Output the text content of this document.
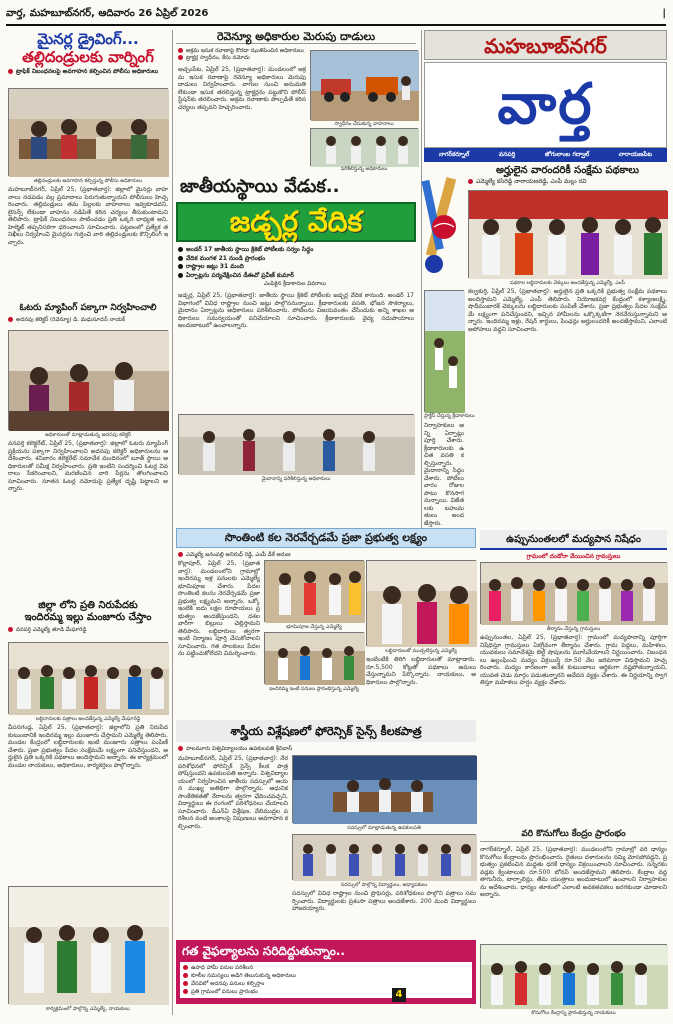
వార్త, మహబూబ్‌నగర్, ఆదివారం 26 ఏప్రిల్ 2026	|
మైనర్ల డ్రైవింగ్...
తల్లిదండ్రులకు వార్నింగ్
ట్రాఫిక్ నిబంధనలపై అవగాహన కల్పించిన పోలీసు అధికారులు
తల్లిదండ్రులకు అవగాహన కల్పిస్తున్న పోలీసు అధికారులు
మహబూబ్‌నగర్, ఏప్రిల్ 25, (ప్రభాతవార్త): జిల్లాలో మైనర్లు వాహనాలు నడపడం వల్ల ప్రమాదాలు పెరుగుతున్నాయని పోలీసులు హెచ్చరించారు. తల్లిదండ్రులు తమ పిల్లలకు వాహనాలు ఇవ్వకూడదని, లైసెన్స్ లేకుండా వాహనం నడిపితే కఠిన చర్యలు తీసుకుంటామని తెలిపారు. ట్రాఫిక్ నిబంధనలు పాటించడం ప్రతి ఒక్కరి బాధ్యత అని, హెల్మెట్ తప్పనిసరిగా ధరించాలని సూచించారు. పట్టణంలో ప్రత్యేక తనిఖీలు నిర్వహించి మైనర్లను గుర్తించి వారి తల్లిదండ్రులకు కౌన్సిలింగ్ ఇచ్చారు.
ఓటరు మ్యాపింగ్ పక్కాగా నిర్వహించాలి
అదనపు కలెక్టర్ (రెవెన్యూ) డి. మధుసూదన్ నాయక్
అధికారులతో మాట్లాడుతున్న అదనపు కలెక్టర్
వనపర్తి కలెక్టరేట్, ఏప్రిల్ 25, (ప్రభాతవార్త): జిల్లాలో ఓటరు మ్యాపింగ్ ప్రక్రియను పక్కాగా నిర్వహించాలని అదనపు కలెక్టర్ అధికారులను ఆదేశించారు. శనివారం కలెక్టరేట్ సమావేశ మందిరంలో బూత్ స్థాయి అధికారులతో సమీక్ష నిర్వహించారు. ప్రతి ఇంటిని సందర్శించి ఓటర్ల వివరాలు సేకరించాలని, మరణించిన వారి పేర్లను తొలగించాలని సూచించారు. నూతన ఓటర్ల నమోదుపై ప్రత్యేక దృష్టి పెట్టాలని అన్నారు.
జిల్లా లోని ప్రతి నిరుపేదకు
ఇందిరమ్మ ఇల్లు మంజూరు చేస్తాం
వనపర్తి ఎమ్మెల్యే తూడి మేఘారెడ్డి
లబ్ధిదారులకు పత్రాలు అందజేస్తున్న ఎమ్మెల్యే మేఘారెడ్డి
వీపనగండ్ల, ఏప్రిల్ 25, (ప్రభాతవార్త): జిల్లాలోని ప్రతి నిరుపేద కుటుంబానికి ఇందిరమ్మ ఇల్లు మంజూరు చేస్తామని ఎమ్మెల్యే తెలిపారు. మండల కేంద్రంలో లబ్ధిదారులకు ఇంటి మంజూరు పత్రాలు పంపిణీ చేశారు. ప్రజా ప్రభుత్వం పేదల సంక్షేమమే లక్ష్యంగా పనిచేస్తుందని, అర్హులైన ప్రతి ఒక్కరికి పథకాలు అందిస్తామని అన్నారు. ఈ కార్యక్రమంలో మండల నాయకులు, అధికారులు, కార్యకర్తలు పాల్గొన్నారు.
కార్యక్రమంలో పాల్గొన్న ఎమ్మెల్యే, నాయకులు
రెవెన్యూ అధికారుల మెరుపు దాడులు
అక్రమ ఇసుక రవాణాపై కొరడా ఝుళిపించిన అధికారులు
ట్రాక్టర్ల స్వాధీనం, కేసు నమోదు
అచ్చంపేట, ఏప్రిల్ 25, (ప్రభాతవార్త): మండలంలో అక్రమ ఇసుక రవాణాపై రెవెన్యూ అధికారులు మెరుపు దాడులు నిర్వహించారు. వాగుల నుంచి అనుమతి లేకుండా ఇసుక తరలిస్తున్న ట్రాక్టర్లను పట్టుకొని పోలీస్ స్టేషన్‌కు తరలించారు. అక్రమ రవాణాకు పాల్పడితే కఠిన చర్యలు తప్పవని హెచ్చరించారు.
స్వాధీనం చేసుకున్న వాహనాలు
పరిశీలిస్తున్న అధికారులు
జాతీయస్థాయి వేడుక..
జడ్చర్ల వేదిక
అండర్ 17 జాతీయ స్థాయి క్రికెట్ పోటీలకు సర్వం సిద్ధం
వేదిక మంగళ 21 నుండి ప్రారంభం
రాష్ట్రాల జట్లు 31 మంది
ఏర్పాట్లను పర్యవేక్షించిన డీఈవో ప్రవీణ్ కుమార్
ఎంపికైన క్రీడాకారుల వివరాలు
జడ్చర్ల, ఏప్రిల్ 25, (ప్రభాతవార్త): జాతీయ స్థాయి క్రికెట్ పోటీలకు జడ్చర్ల వేదిక కానుంది. అండర్ 17 విభాగంలో వివిధ రాష్ట్రాల నుంచి జట్లు పాల్గొననున్నాయి. క్రీడాకారులకు వసతి, భోజన సౌకర్యాలు, మైదానం ఏర్పాట్లను అధికారులు పరిశీలించారు. పోటీలను విజయవంతం చేసేందుకు అన్ని శాఖల అధికారులు సమన్వయంతో పనిచేయాలని సూచించారు. క్రీడాకారులకు వైద్య సదుపాయాలు అందుబాటులో ఉంచాలన్నారు.
మైదానాన్ని పరిశీలిస్తున్న అధికారులు
మహబూబ్‌నగర్
వార్త
నాగర్‌కర్నూల్	వనపర్తి	జోగులాంబ గద్వాల్	నారాయణపేట
అర్హులైన వారందరికీ సంక్షేమ పథకాలు
ఎమ్మెల్యే కసిరెడ్డి నారాయణరెడ్డి, ఎంపీ మల్లు రవి
పథకాల లబ్ధిదారులకు చెక్కులు అందజేస్తున్న ఎమ్మెల్యే, ఎంపీ
కల్వకుర్తి, ఏప్రిల్ 25, (ప్రభాతవార్త): అర్హులైన ప్రతి ఒక్కరికి ప్రభుత్వ సంక్షేమ పథకాలు అందిస్తామని ఎమ్మెల్యే, ఎంపీ తెలిపారు. నియోజకవర్గ కేంద్రంలో కళ్యాణలక్ష్మి, షాదీముబారక్ చెక్కులను లబ్ధిదారులకు పంపిణీ చేశారు. ప్రజా ప్రభుత్వం పేదల సంక్షేమమే లక్ష్యంగా పనిచేస్తుందని, ఇచ్చిన హామీలను ఒక్కొక్కటిగా నెరవేరుస్తున్నామని అన్నారు. ఇందిరమ్మ ఇళ్లు, రేషన్ కార్డులు, పింఛన్లు అర్హులందరికీ అందజేస్తామని, ఎలాంటి అపోహలు వద్దని సూచించారు.
ప్రాక్టీస్ చేస్తున్న క్రీడాకారులు
నిర్వాహకులు అన్ని ఏర్పాట్లు పూర్తి చేశారు. క్రీడాకారులకు ఉచిత వసతి కల్పిస్తున్నారు. మైదానాన్ని సిద్ధం చేశారు. పోటీలు వారం రోజుల పాటు కొనసాగనున్నాయి. విజేతలకు బహుమతులు అందజేస్తారు.
సొంతింటి కల నెరవేర్చడమే ప్రజా ప్రభుత్వ లక్ష్యం
ఎమ్మెల్యే జనంపల్లి అనిరుధ్ రెడ్డి, ఎంపీ డీకే అరుణ
కొల్లాపూర్, ఏప్రిల్ 25, (ప్రభాతవార్త): మండలంలోని గ్రామాల్లో ఇందిరమ్మ ఇళ్ల పనులకు ఎమ్మెల్యే భూమిపూజ చేశారు. పేదల సొంతింటి కలను నెరవేర్చడమే ప్రజా ప్రభుత్వ లక్ష్యమని అన్నారు. ఒక్కో ఇంటికి ఐదు లక్షల రూపాయలు ప్రభుత్వం అందజేస్తుందని, దశల వారీగా బిల్లులు చెల్లిస్తామని తెలిపారు. లబ్ధిదారులు త్వరగా ఇంటి నిర్మాణం పూర్తి చేసుకోవాలని సూచించారు. గత పాలకులు పేదలను పట్టించుకోలేదని విమర్శించారు.
భూమిపూజ చేస్తున్న ఎమ్మెల్యే
లబ్ధిదారులతో ముచ్చటిస్తున్న ఎమ్మెల్యే
ఇందిరమ్మ ఇంటి పనులు ప్రారంభిస్తున్న ఎమ్మెల్యే
ఇంటింటికి తిరిగి లబ్ధిదారులతో మాట్లాడారు. రూ.5,500 కోట్లతో పథకాలు అమలు చేస్తున్నామని పేర్కొన్నారు. నాయకులు, అధికారులు పాల్గొన్నారు.
శాస్త్రీయ విశ్లేషణలో ఫోరెన్సిక్ సైన్స్ కీలకపాత్ర
పాలమూరు విశ్వవిద్యాలయం ఉపకులపతి శ్రీనివాస్
మహబూబ్‌నగర్, ఏప్రిల్ 25, (ప్రభాతవార్త): నేర పరిశోధనలో ఫోరెన్సిక్ సైన్స్ కీలక పాత్ర పోషిస్తుందని ఉపకులపతి అన్నారు. విశ్వవిద్యాలయంలో నిర్వహించిన జాతీయ సదస్సులో ఆయన ముఖ్య అతిథిగా పాల్గొన్నారు. ఆధునిక సాంకేతికతతో నేరాలను త్వరగా ఛేదించవచ్చని, విద్యార్థులు ఈ రంగంలో పరిశోధనలు చేయాలని సూచించారు. డీఎన్ఏ విశ్లేషణ, వేలిముద్రల పరిశీలన వంటి అంశాలపై నిపుణులు అవగాహన కల్పించారు.	సదస్సులో మాట్లాడుతున్న ఉపకులపతి
సదస్సులో పాల్గొన్న విద్యార్థులు, అధ్యాపకులు
సదస్సులో వివిధ రాష్ట్రాల నుంచి ప్రొఫెసర్లు, పరిశోధకులు పాల్గొని పత్రాలు సమర్పించారు. విద్యార్థులకు ప్రశంసా పత్రాలు అందజేశారు. 200 మంది విద్యార్థులు హాజరయ్యారు.
గత వైఫల్యాలను సరిదిద్దుతున్నాం..
ఉపాధి హామీ పనుల పరిశీలన
కూలీల సమస్యలు అడిగి తెలుసుకున్న అధికారులు
వేసవిలో అదనపు పనులు కల్పిస్తాం
ప్రతి గ్రామంలో పనులు ప్రారంభం	4
ఉప్పునుంతలలో మద్యపాన నిషేధం
గ్రామంలో దండోరా వేయించిన గ్రామస్తులు
తీర్మానం చేస్తున్న గ్రామస్తులు
ఉప్పునుంతల, ఏప్రిల్ 25, (ప్రభాతవార్త): గ్రామంలో మద్యపానాన్ని పూర్తిగా నిషేధిస్తూ గ్రామస్తులు ఏకగ్రీవంగా తీర్మానం చేశారు. గ్రామ పెద్దలు, మహిళలు, యువకులు సమావేశమై బెల్ట్ షాపులను మూసివేయాలని నిర్ణయించారు. నిబంధనలు ఉల్లంఘించి మద్యం విక్రయిస్తే రూ.50 వేల జరిమానా విధిస్తామని హెచ్చరించారు. మద్యం కారణంగా అనేక కుటుంబాలు ఆర్థికంగా నష్టపోతున్నాయని, యువత చెడు మార్గం పడుతున్నారని ఆవేదన వ్యక్తం చేశారు. ఈ నిర్ణయాన్ని స్వాగతిస్తూ మహిళలు హర్షం వ్యక్తం చేశారు.
వరి కొనుగోలు కేంద్రం ప్రారంభం
నాగర్‌కర్నూల్, ఏప్రిల్ 25, (ప్రభాతవార్త): మండలంలోని గ్రామాల్లో వరి ధాన్యం కొనుగోలు కేంద్రాలను ప్రారంభించారు. రైతులు దళారులను నమ్మి మోసపోవద్దని, ప్రభుత్వం ప్రకటించిన మద్దతు ధరకే ధాన్యం విక్రయించాలని సూచించారు. సన్నరకం వడ్లకు క్వింటాలుకు రూ.500 బోనస్ అందజేస్తామని తెలిపారు. కేంద్రాల వద్ద తాగునీరు, టార్పాలిన్లు, తేమ యంత్రాలు అందుబాటులో ఉంచాలని నిర్వాహకులను ఆదేశించారు. ధాన్యం తూకంలో ఎలాంటి అవకతవకలు జరగకుండా చూడాలని అన్నారు.
కొనుగోలు కేంద్రాన్ని ప్రారంభిస్తున్న నాయకులు
